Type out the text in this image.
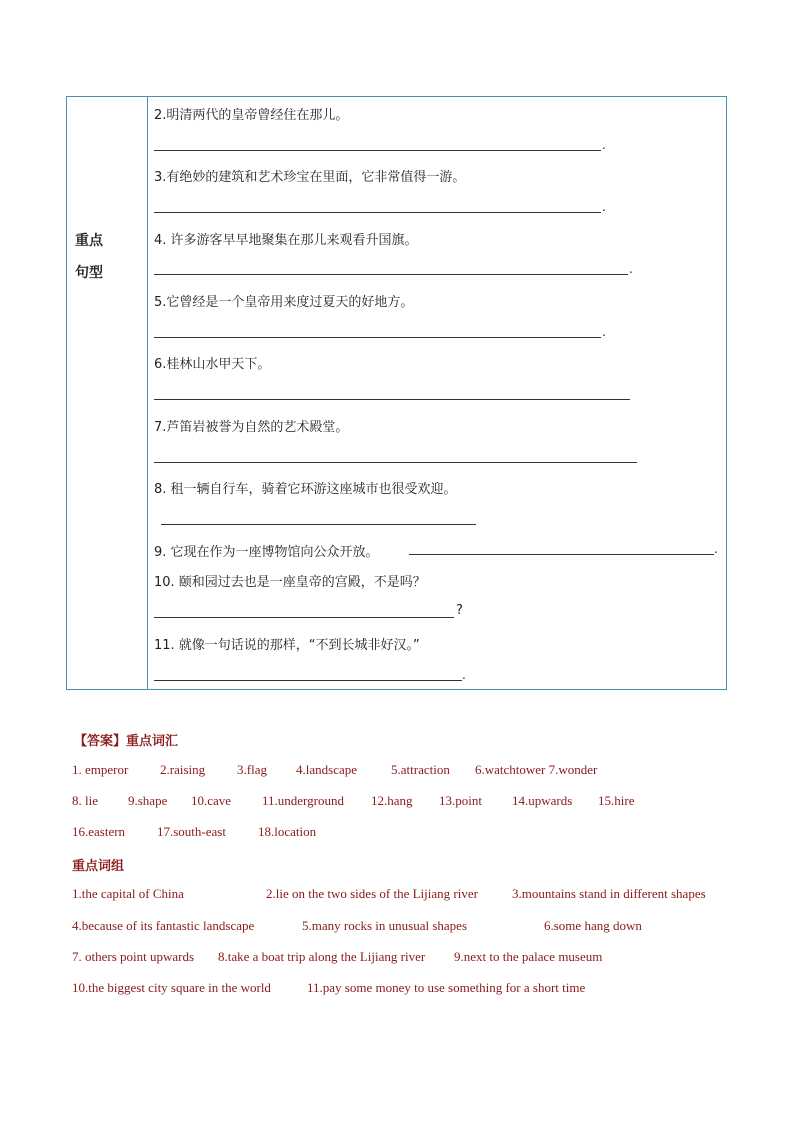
重点
句型
2.明清两代的皇帝曾经住在那儿。
.
3.有绝妙的建筑和艺术珍宝在里面，它非常值得一游。
.
4. 许多游客早早地聚集在那儿来观看升国旗。
.
5.它曾经是一个皇帝用来度过夏天的好地方。
.
6.桂林山水甲天下。
7.芦笛岩被誉为自然的艺术殿堂。
8. 租一辆自行车，骑着它环游这座城市也很受欢迎。
9. 它现在作为一座博物馆向公众开放。	.
10. 颐和园过去也是一座皇帝的宫殿，不是吗？
?
11. 就像一句话说的那样，“不到长城非好汉。”
.
【答案】重点词汇
1. emperor 2.raising 3.flag 4.landscape	5.attraction 6.watchtower 7.wonder
8. lie 9.shape 10.cave 11.underground 12.hang 13.point 14.upwards 15.hire
16.eastern 17.south-east 18.location
重点词组
1.the capital of China	2.lie on the two sides of the Lijiang river	3.mountains stand in different shapes
4.because of its fantastic landscape	5.many rocks in unusual shapes	6.some hang down
7. others point upwards 8.take a boat trip along the Lijiang river 9.next to the palace museum
10.the biggest city square in the world	11.pay some money to use something for a short time
